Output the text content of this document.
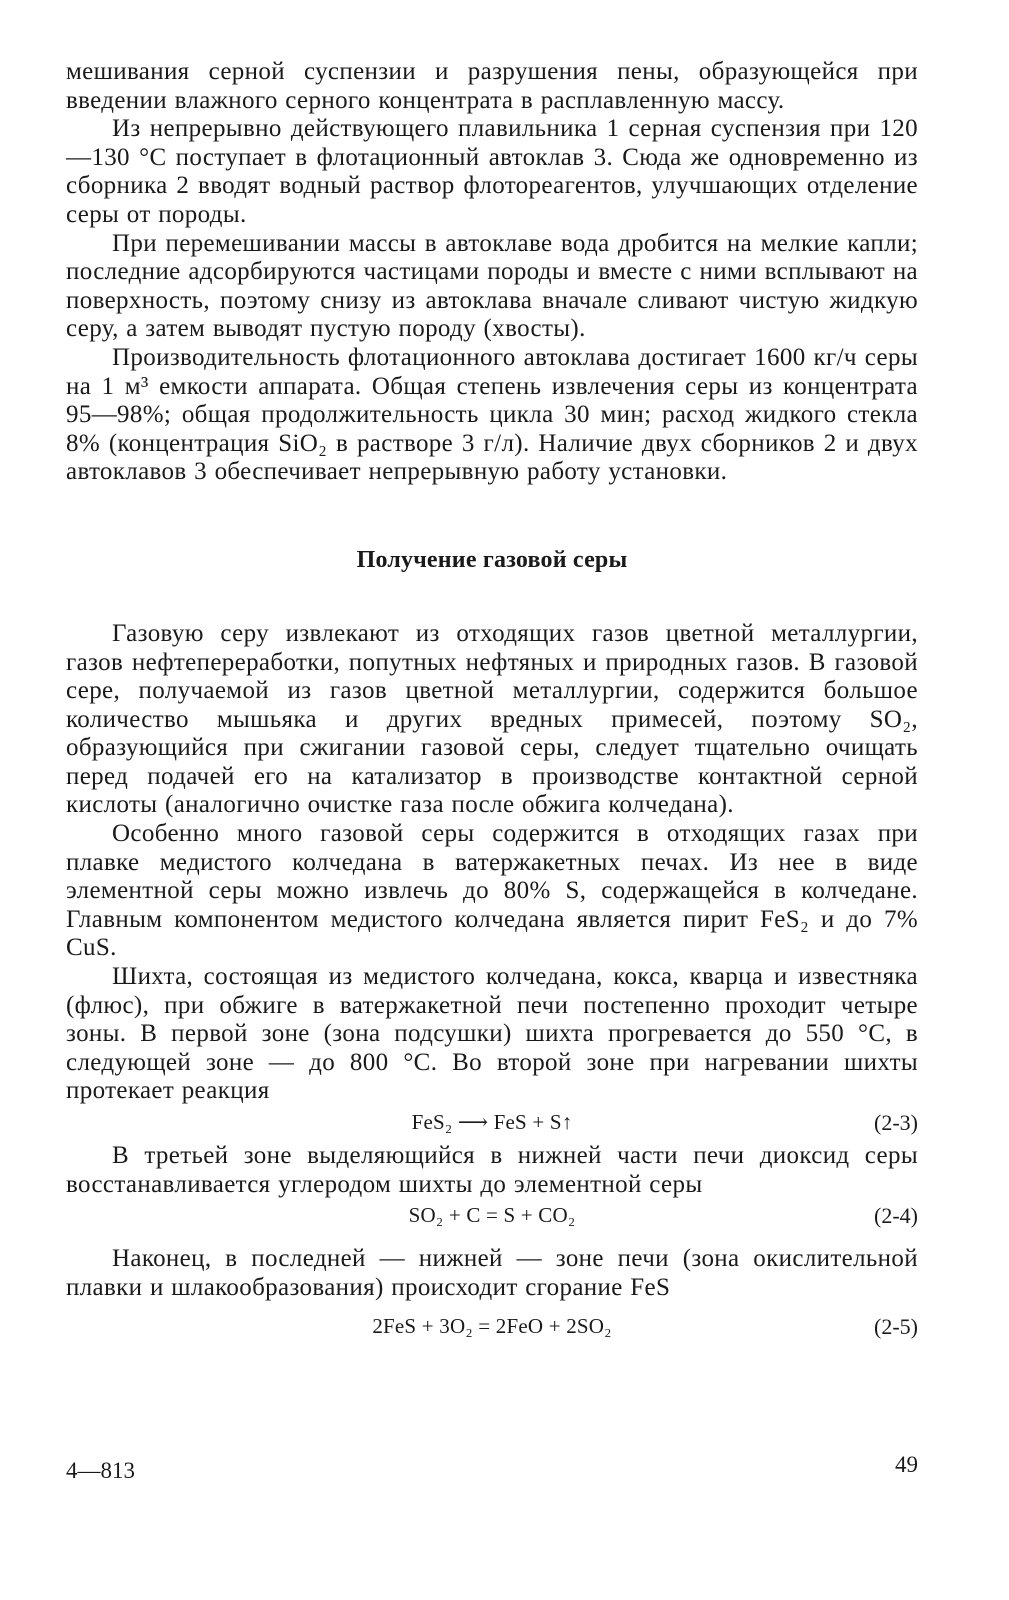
мешивания серной суспензии и разрушения пены, образующейся при введении влажного серного концентрата в расплавленную массу.

Из непрерывно действующего плавильника 1 серная суспензия при 120—130 °С поступает в флотационный автоклав 3. Сюда же одновременно из сборника 2 вводят водный раствор флотореагентов, улучшающих отделение серы от породы.

При перемешивании массы в автоклаве вода дробится на мелкие капли; последние адсорбируются частицами породы и вместе с ними всплывают на поверхность, поэтому снизу из автоклава вначале сливают чистую жидкую серу, а затем выводят пустую породу (хвосты).

Производительность флотационного автоклава достигает 1600 кг/ч серы на 1 м³ емкости аппарата. Общая степень извлечения серы из концентрата 95—98%; общая продолжительность цикла 30 мин; расход жидкого стекла 8% (концентрация SiO₂ в растворе 3 г/л). Наличие двух сборников 2 и двух автоклавов 3 обеспечивает непрерывную работу установки.

Получение газовой серы

Газовую серу извлекают из отходящих газов цветной металлургии, газов нефтепереработки, попутных нефтяных и природных газов. В газовой сере, получаемой из газов цветной металлургии, содержится большое количество мышьяка и других вредных примесей, поэтому SO₂, образующийся при сжигании газовой серы, следует тщательно очищать перед подачей его на катализатор в производстве контактной серной кислоты (аналогично очистке газа после обжига колчедана).

Особенно много газовой серы содержится в отходящих газах при плавке медистого колчедана в ватержакетных печах. Из нее в виде элементной серы можно извлечь до 80% S, содержащейся в колчедане. Главным компонентом медистого колчедана является пирит FeS₂ и до 7% CuS.

Шихта, состоящая из медистого колчедана, кокса, кварца и известняка (флюс), при обжиге в ватержакетной печи постепенно проходит четыре зоны. В первой зоне (зона подсушки) шихта прогревается до 550 °С, в следующей зоне — до 800 °С. Во второй зоне при нагревании шихты протекает реакция

FeS₂ ⟶ FeS + S↑	(2-3)

В третьей зоне выделяющийся в нижней части печи диоксид серы восстанавливается углеродом шихты до элементной серы

SO₂ + C = S + CO₂	(2-4)

Наконец, в последней — нижней — зоне печи (зона окислительной плавки и шлакообразования) происходит сгорание FeS

2FeS + 3O₂ = 2FeO + 2SO₂	(2-5)
4—813	49
